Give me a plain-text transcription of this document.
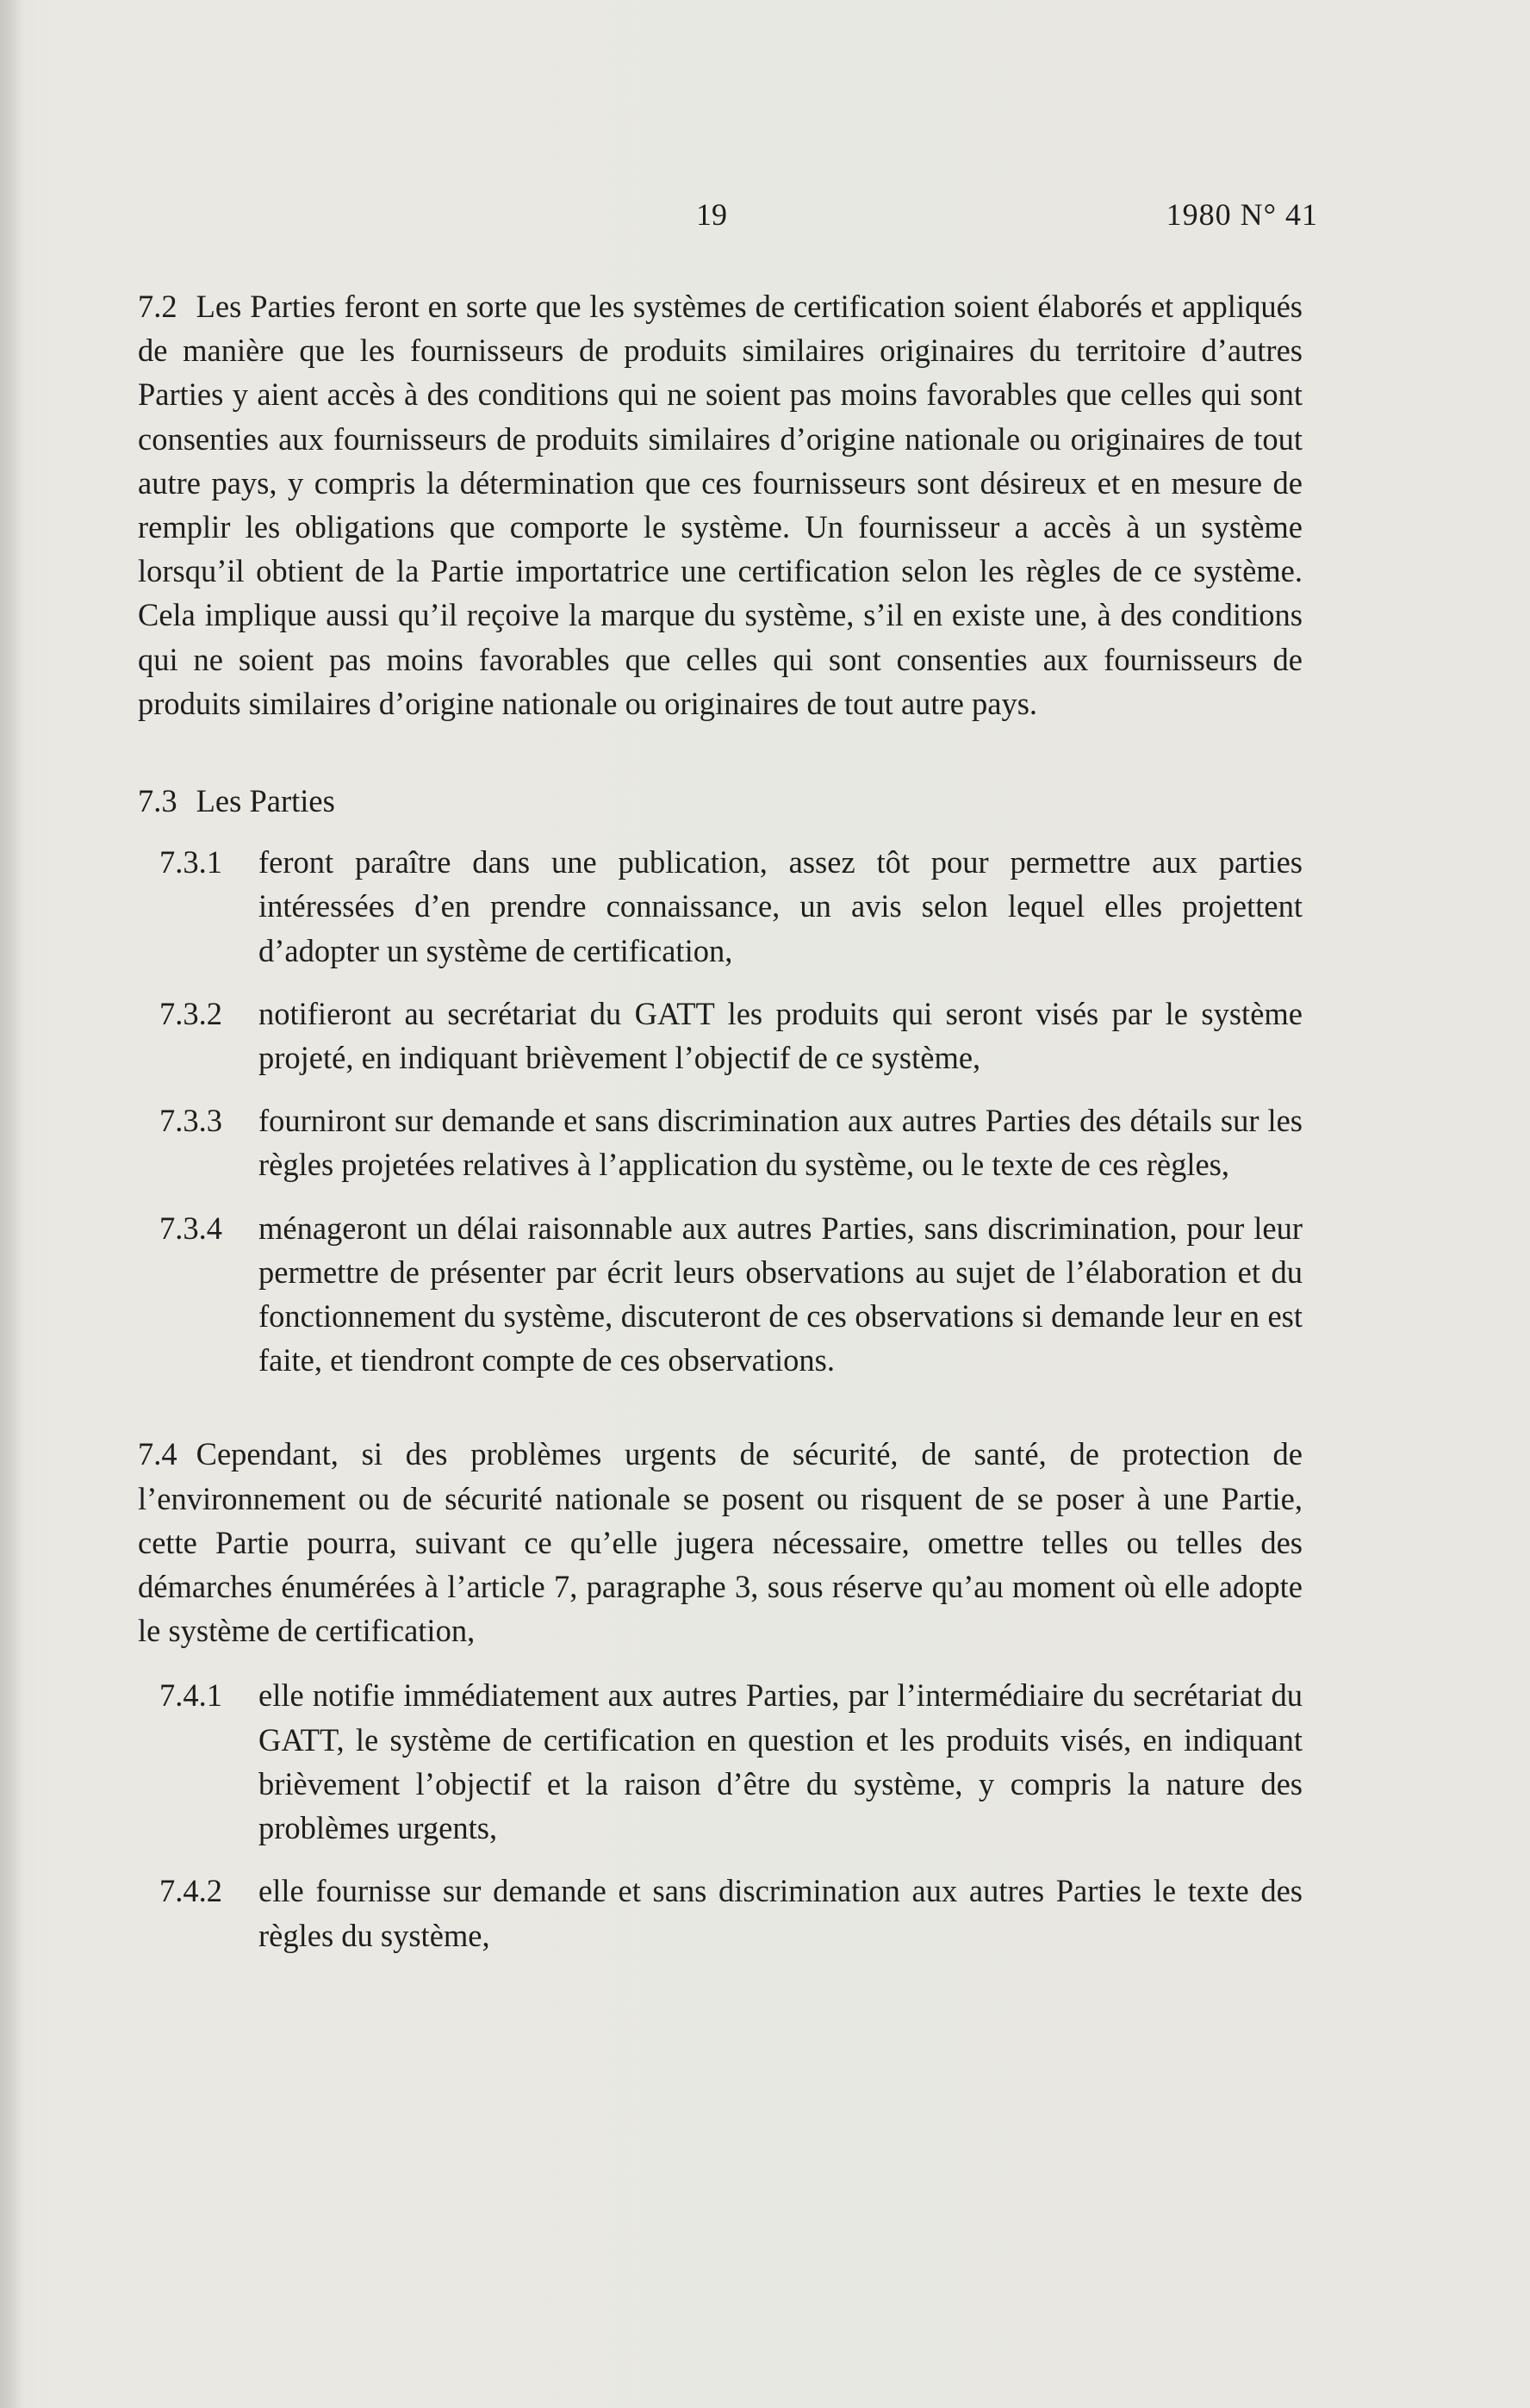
19	1980 N° 41

7.2 Les Parties feront en sorte que les systèmes de certification soient élaborés et appliqués de manière que les fournisseurs de produits similaires originaires du territoire d’autres Parties y aient accès à des conditions qui ne soient pas moins favorables que celles qui sont consenties aux fournisseurs de produits similaires d’origine nationale ou originaires de tout autre pays, y compris la détermination que ces fournisseurs sont désireux et en mesure de remplir les obligations que comporte le système. Un fournisseur a accès à un système lorsqu’il obtient de la Partie importatrice une certification selon les règles de ce système. Cela implique aussi qu’il reçoive la marque du système, s’il en existe une, à des conditions qui ne soient pas moins favorables que celles qui sont consenties aux fournisseurs de produits similaires d’origine nationale ou originaires de tout autre pays.

7.3 Les Parties

7.3.1	feront paraître dans une publication, assez tôt pour permettre aux parties intéressées d’en prendre connaissance, un avis selon lequel elles projettent d’adopter un système de certification,
7.3.2	notifieront au secrétariat du GATT les produits qui seront visés par le système projeté, en indiquant brièvement l’objectif de ce système,
7.3.3	fourniront sur demande et sans discrimination aux autres Parties des détails sur les règles projetées relatives à l’application du système, ou le texte de ces règles,
7.3.4	ménageront un délai raisonnable aux autres Parties, sans discrimination, pour leur permettre de présenter par écrit leurs observations au sujet de l’élaboration et du fonctionnement du système, discuteront de ces observations si demande leur en est faite, et tiendront compte de ces observations.

7.4 Cependant, si des problèmes urgents de sécurité, de santé, de protection de l’environnement ou de sécurité nationale se posent ou risquent de se poser à une Partie, cette Partie pourra, suivant ce qu’elle jugera nécessaire, omettre telles ou telles des démarches énumérées à l’article 7, paragraphe 3, sous réserve qu’au moment où elle adopte le système de certification,

7.4.1	elle notifie immédiatement aux autres Parties, par l’intermédiaire du secrétariat du GATT, le système de certification en question et les produits visés, en indiquant brièvement l’objectif et la raison d’être du système, y compris la nature des problèmes urgents,
7.4.2	elle fournisse sur demande et sans discrimination aux autres Parties le texte des règles du système,
